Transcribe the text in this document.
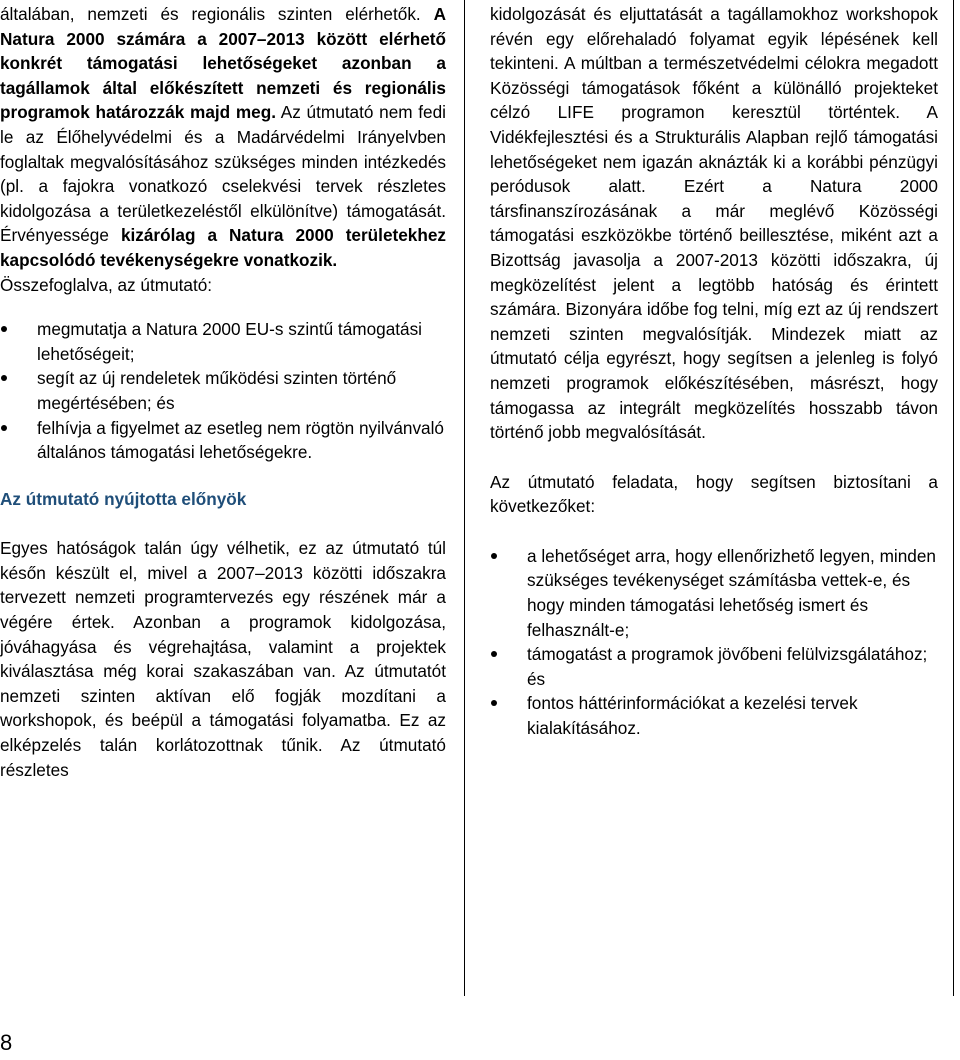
általában, nemzeti és regionális szinten elérhetők. A Natura 2000 számára a 2007–2013 között elérhető konkrét támogatási lehetőségeket azonban a tagállamok által előkészített nemzeti és regionális programok határozzák majd meg. Az útmutató nem fedi le az Élőhelyvédelmi és a Madárvédelmi Irányelvben foglaltak megvalósításához szükséges minden intézkedés (pl. a fajokra vonatkozó cselekvési tervek részletes kidolgozása a területkezeléstől elkülönítve) támogatását. Érvényessége kizárólag a Natura 2000 területekhez kapcsolódó tevékenységekre vonatkozik.

Összefoglalva, az útmutató:

megmutatja a Natura 2000 EU-s szintű támogatási lehetőségeit;
segít az új rendeletek működési szinten történő megértésében; és
felhívja a figyelmet az esetleg nem rögtön nyilvánvaló általános támogatási lehetőségekre.

Az útmutató nyújtotta előnyök

Egyes hatóságok talán úgy vélhetik, ez az útmutató túl későn készült el, mivel a 2007–2013 közötti időszakra tervezett nemzeti programtervezés egy részének már a végére értek. Azonban a programok kidolgozása, jóváhagyása és végrehajtása, valamint a projektek kiválasztása még korai szakaszában van. Az útmutatót nemzeti szinten aktívan elő fogják mozdítani a workshopok, és beépül a támogatási folyamatba. Ez az elképzelés talán korlátozottnak tűnik. Az útmutató részletes

kidolgozását és eljuttatását a tagállamokhoz workshopok révén egy előrehaladó folyamat egyik lépésének kell tekinteni. A múltban a természetvédelmi célokra megadott Közösségi támogatások főként a különálló projekteket célzó LIFE programon keresztül történtek. A Vidékfejlesztési és a Strukturális Alapban rejlő támogatási lehetőségeket nem igazán aknázták ki a korábbi pénzügyi peródusok alatt. Ezért a Natura 2000 társfinanszírozásának a már meglévő Közösségi támogatási eszközökbe történő beillesztése, miként azt a Bizottság javasolja a 2007-2013 közötti időszakra, új megközelítést jelent a legtöbb hatóság és érintett számára. Bizonyára időbe fog telni, míg ezt az új rendszert nemzeti szinten megvalósítják. Mindezek miatt az útmutató célja egyrészt, hogy segítsen a jelenleg is folyó nemzeti programok előkészítésében, másrészt, hogy támogassa az integrált megközelítés hosszabb távon történő jobb megvalósítását.

Az útmutató feladata, hogy segítsen biztosítani a következőket:

a lehetőséget arra, hogy ellenőrizhető legyen, minden szükséges tevékenységet számításba vettek-e, és hogy minden támogatási lehetőség ismert és felhasznált-e;
támogatást a programok jövőbeni felülvizsgálatához; és
fontos háttérinformációkat a kezelési tervek kialakításához.
8
